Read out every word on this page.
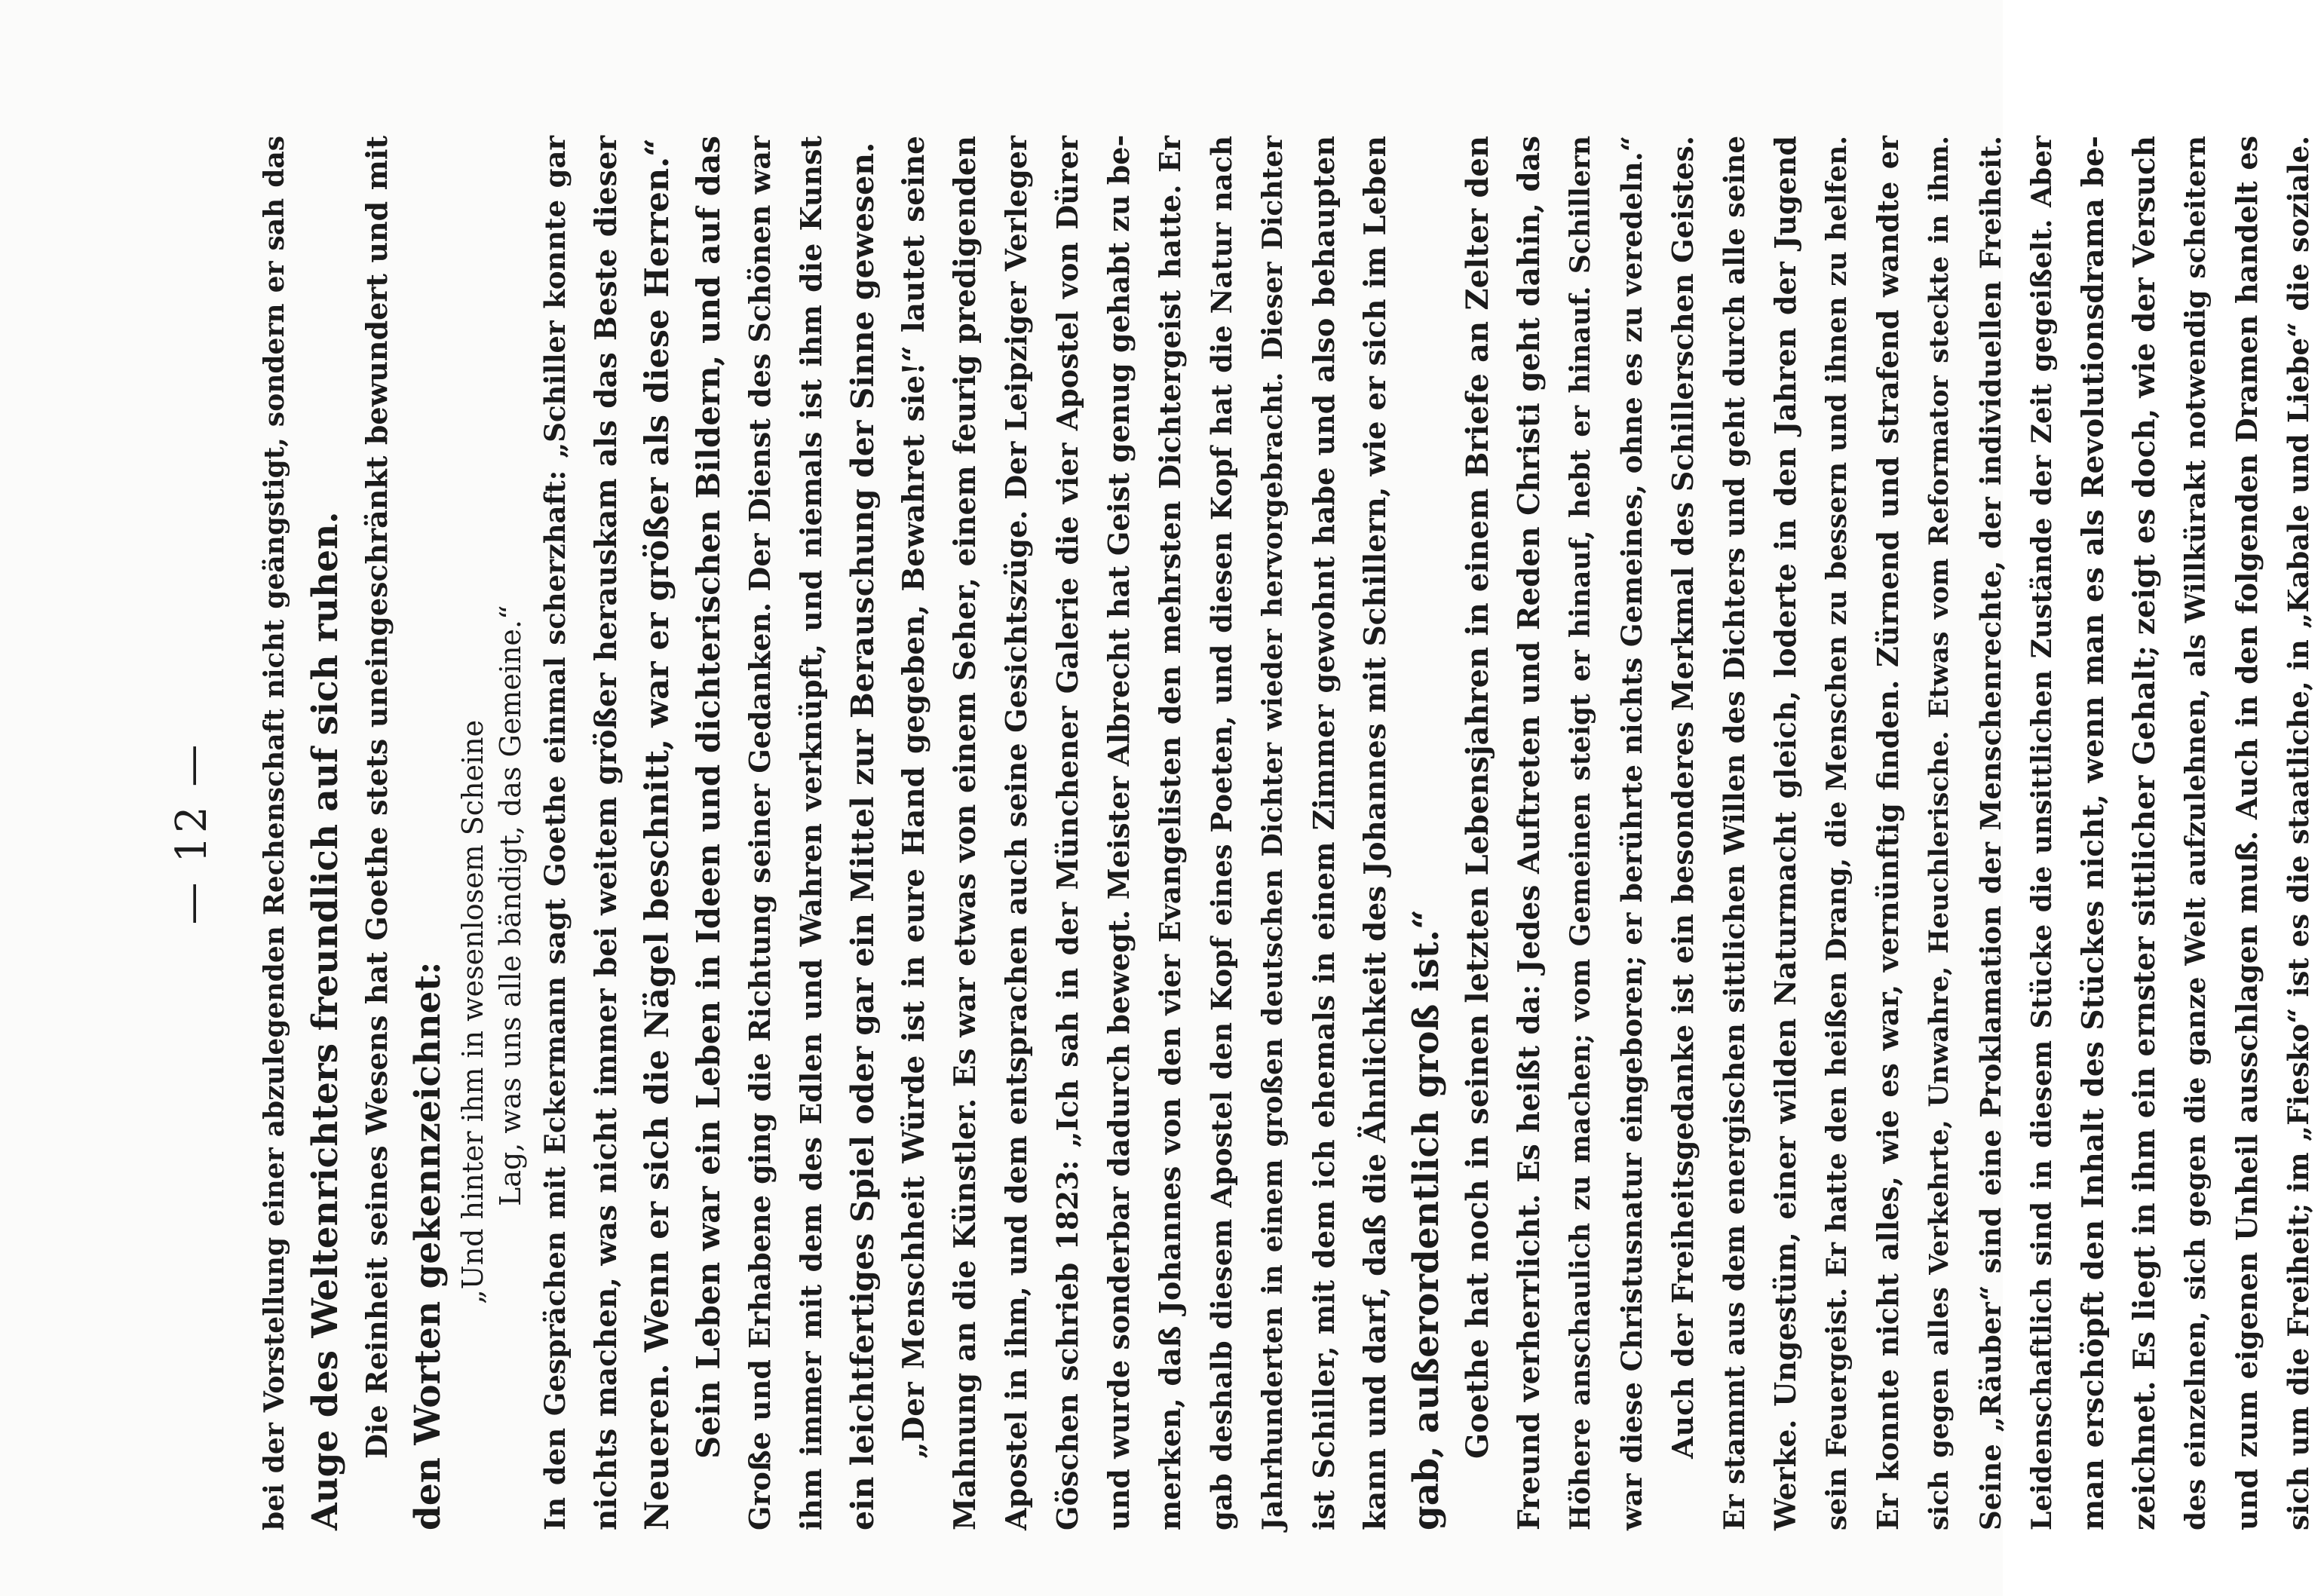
— 12 —	bei der Vorstellung einer abzulegenden Rechenschaft nicht geängstigt, sondern er sah das Auge des Weltenrichters freundlich auf sich ruhen. Die Reinheit seines Wesens hat Goethe stets uneingeschränkt bewundert und mit den Worten gekennzeichnet: „Und hinter ihm in wesenlosem Scheine Lag, was uns alle bändigt, das Gemeine.“ In den Gesprächen mit Eckermann sagt Goethe einmal scherzhaft: „Schiller konnte gar nichts machen, was nicht immer bei weitem größer herauskam als das Beste dieser Neueren. Wenn er sich die Nägel beschnitt, war er größer als diese Herren.“ Sein Leben war ein Leben in Ideen und dichterischen Bildern, und auf das Große und Erhabene ging die Richtung seiner Gedanken. Der Dienst des Schönen war ihm immer mit dem des Edlen und Wahren verknüpft, und niemals ist ihm die Kunst ein leichtfertiges Spiel oder gar ein Mittel zur Berauschung der Sinne gewesen. „Der Menschheit Würde ist in eure Hand gegeben, Bewahret sie!“ lautet seine Mahnung an die Künstler. Es war etwas von einem Seher, einem feurig predigenden Apostel in ihm, und dem entsprachen auch seine Gesichtszüge. Der Leipziger Verleger Göschen schrieb 1823: „Ich sah in der Münchener Galerie die vier Apostel von Dürer und wurde sonderbar dadurch bewegt. Meister Albrecht hat Geist genug gehabt zu be- merken, daß Johannes von den vier Evangelisten den mehrsten Dichtergeist hatte. Er gab deshalb diesem Apostel den Kopf eines Poeten, und diesen Kopf hat die Natur nach Jahrhunderten in einem großen deutschen Dichter wieder hervorgebracht. Dieser Dichter ist Schiller, mit dem ich ehemals in einem Zimmer gewohnt habe und also behaupten kann und darf, daß die Ähnlichkeit des Johannes mit Schillern, wie er sich im Leben gab, außerordentlich groß ist.“ Goethe hat noch in seinen letzten Lebensjahren in einem Briefe an Zelter den Freund verherrlicht. Es heißt da: Jedes Auftreten und Reden Christi geht dahin, das Höhere anschaulich zu machen; vom Gemeinen steigt er hinauf, hebt er hinauf. Schillern war diese Christusnatur eingeboren; er berührte nichts Gemeines, ohne es zu veredeln.“ Auch der Freiheitsgedanke ist ein besonderes Merkmal des Schillerschen Geistes. Er stammt aus dem energischen sittlichen Willen des Dichters und geht durch alle seine Werke. Ungestüm, einer wilden Naturmacht gleich, loderte in den Jahren der Jugend sein Feuergeist. Er hatte den heißen Drang, die Menschen zu bessern und ihnen zu helfen. Er konnte nicht alles, wie es war, vernünftig finden. Zürnend und strafend wandte er sich gegen alles Verkehrte, Unwahre, Heuchlerische. Etwas vom Reformator steckte in ihm. Seine „Räuber“ sind eine Proklamation der Menschenrechte, der individuellen Freiheit. Leidenschaftlich sind in diesem Stücke die unsittlichen Zustände der Zeit gegeißelt. Aber man erschöpft den Inhalt des Stückes nicht, wenn man es als Revolutionsdrama be- zeichnet. Es liegt in ihm ein ernster sittlicher Gehalt; zeigt es doch, wie der Versuch des einzelnen, sich gegen die ganze Welt aufzulehnen, als Willkürakt notwendig scheitern und zum eigenen Unheil ausschlagen muß. Auch in den folgenden Dramen handelt es sich um die Freiheit; im „Fiesko“ ist es die staatliche, in „Kabale und Liebe“ die soziale.
